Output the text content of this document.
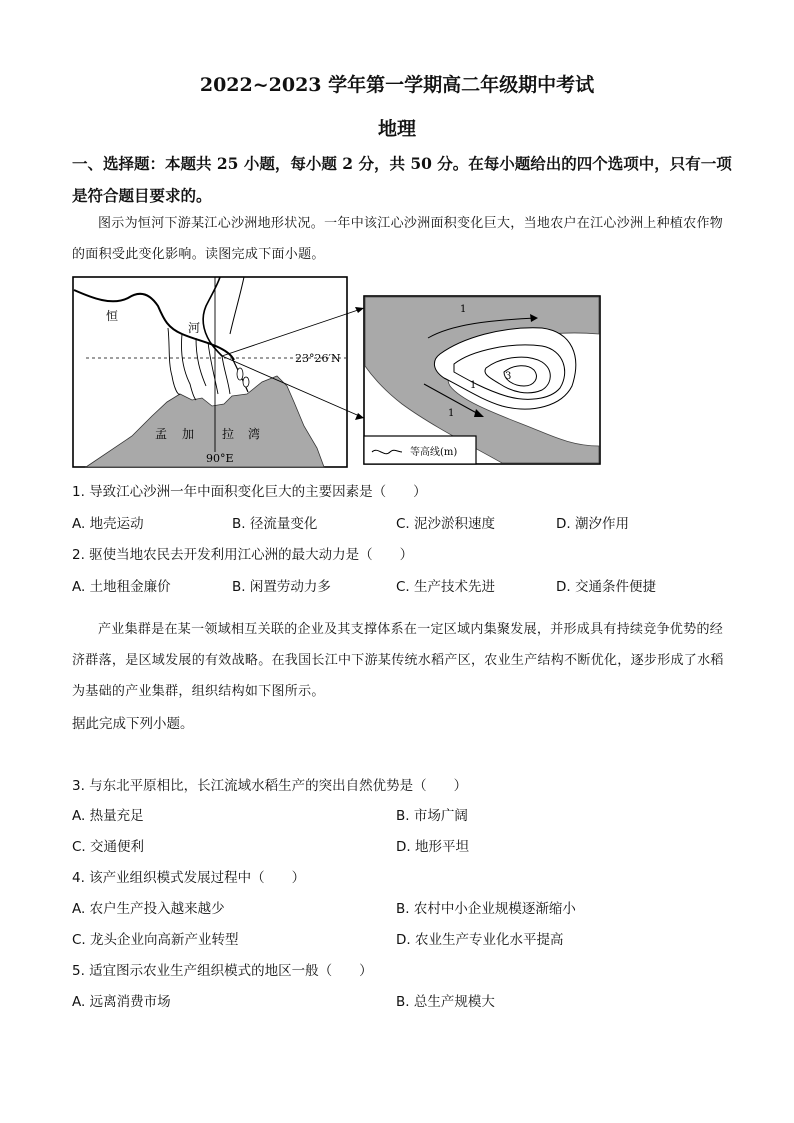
2022~2023 学年第一学期高二年级期中考试
地理
一、选择题：本题共 25 小题，每小题 2 分，共 50 分。在每小题给出的四个选项中，只有一项是符合题目要求的。
图示为恒河下游某江心沙洲地形状况。一年中该江心沙洲面积变化巨大，当地农户在江心沙洲上种植农作物的面积受此变化影响。读图完成下面小题。
恒
河
23°26′N
孟 加 拉 湾
90°E
1
3
1
1
等高线(m)
1. 导致江心沙洲一年中面积变化巨大的主要因素是（　　）
A. 地壳运动	B. 径流量变化	C. 泥沙淤积速度	D. 潮汐作用
2. 驱使当地农民去开发利用江心洲的最大动力是（　　）
A. 土地租金廉价	B. 闲置劳动力多	C. 生产技术先进	D. 交通条件便捷
产业集群是在某一领域相互关联的企业及其支撑体系在一定区域内集聚发展，并形成具有持续竞争优势的经济群落，是区域发展的有效战略。在我国长江中下游某传统水稻产区，农业生产结构不断优化，逐步形成了水稻为基础的产业集群，组织结构如下图所示。
据此完成下列小题。
3. 与东北平原相比，长江流域水稻生产的突出自然优势是（　　）
A. 热量充足	B. 市场广阔
C. 交通便利	D. 地形平坦
4. 该产业组织模式发展过程中（　　）
A. 农户生产投入越来越少	B. 农村中小企业规模逐渐缩小
C. 龙头企业向高新产业转型	D. 农业生产专业化水平提高
5. 适宜图示农业生产组织模式的地区一般（　　）
A. 远离消费市场	B. 总生产规模大
